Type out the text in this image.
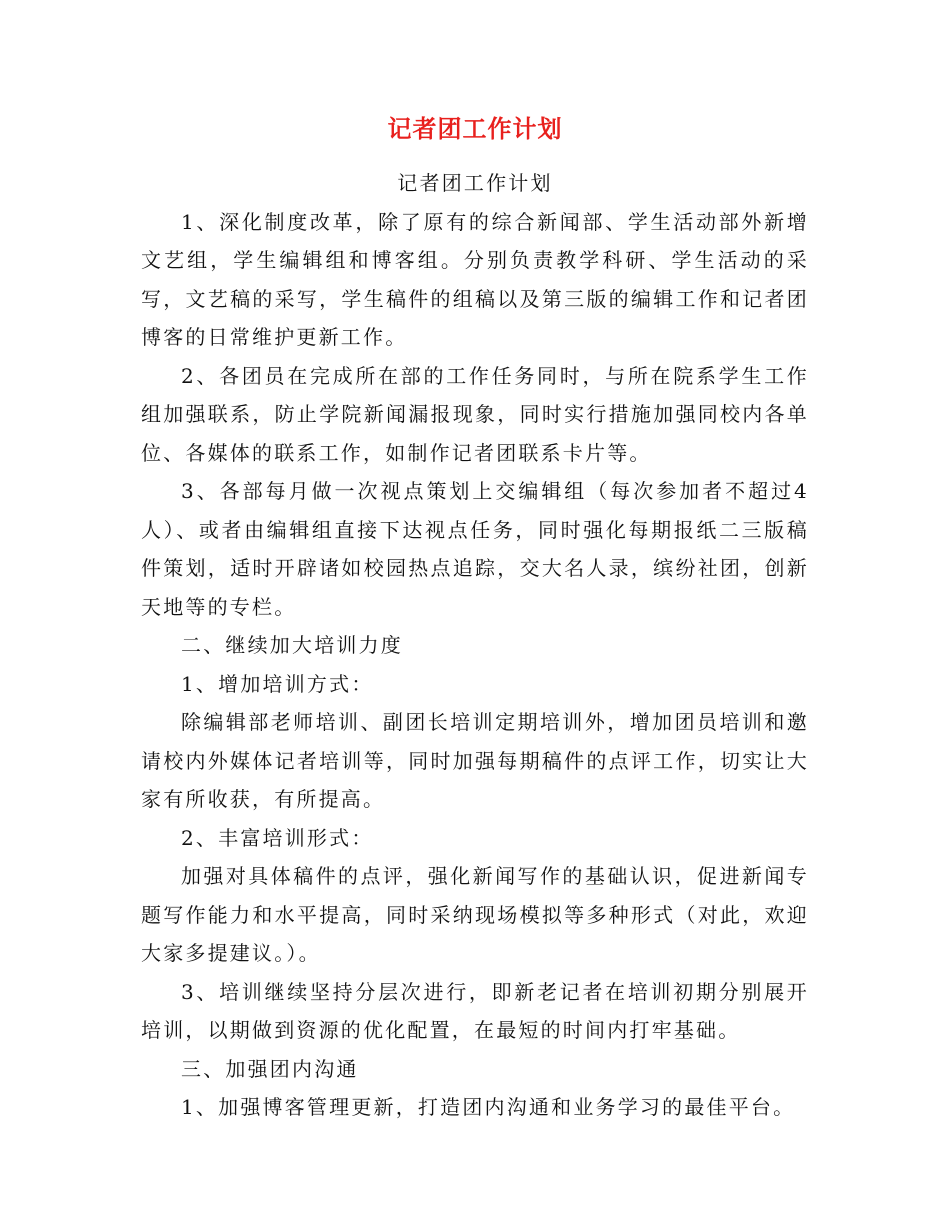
记者团工作计划

记者团工作计划

1、深化制度改革，除了原有的综合新闻部、学生活动部外新增文艺组，学生编辑组和博客组。分别负责教学科研、学生活动的采写，文艺稿的采写，学生稿件的组稿以及第三版的编辑工作和记者团博客的日常维护更新工作。

2、各团员在完成所在部的工作任务同时，与所在院系学生工作组加强联系，防止学院新闻漏报现象，同时实行措施加强同校内各单位、各媒体的联系工作，如制作记者团联系卡片等。

3、各部每月做一次视点策划上交编辑组（每次参加者不超过4人）、或者由编辑组直接下达视点任务，同时强化每期报纸二三版稿件策划，适时开辟诸如校园热点追踪，交大名人录，缤纷社团，创新天地等的专栏。

二、继续加大培训力度

1、增加培训方式：

除编辑部老师培训、副团长培训定期培训外，增加团员培训和邀请校内外媒体记者培训等，同时加强每期稿件的点评工作，切实让大家有所收获，有所提高。

2、丰富培训形式：

加强对具体稿件的点评，强化新闻写作的基础认识，促进新闻专题写作能力和水平提高，同时采纳现场模拟等多种形式（对此，欢迎大家多提建议。）。

3、培训继续坚持分层次进行，即新老记者在培训初期分别展开培训，以期做到资源的优化配置，在最短的时间内打牢基础。

三、加强团内沟通

1、加强博客管理更新，打造团内沟通和业务学习的最佳平台。
